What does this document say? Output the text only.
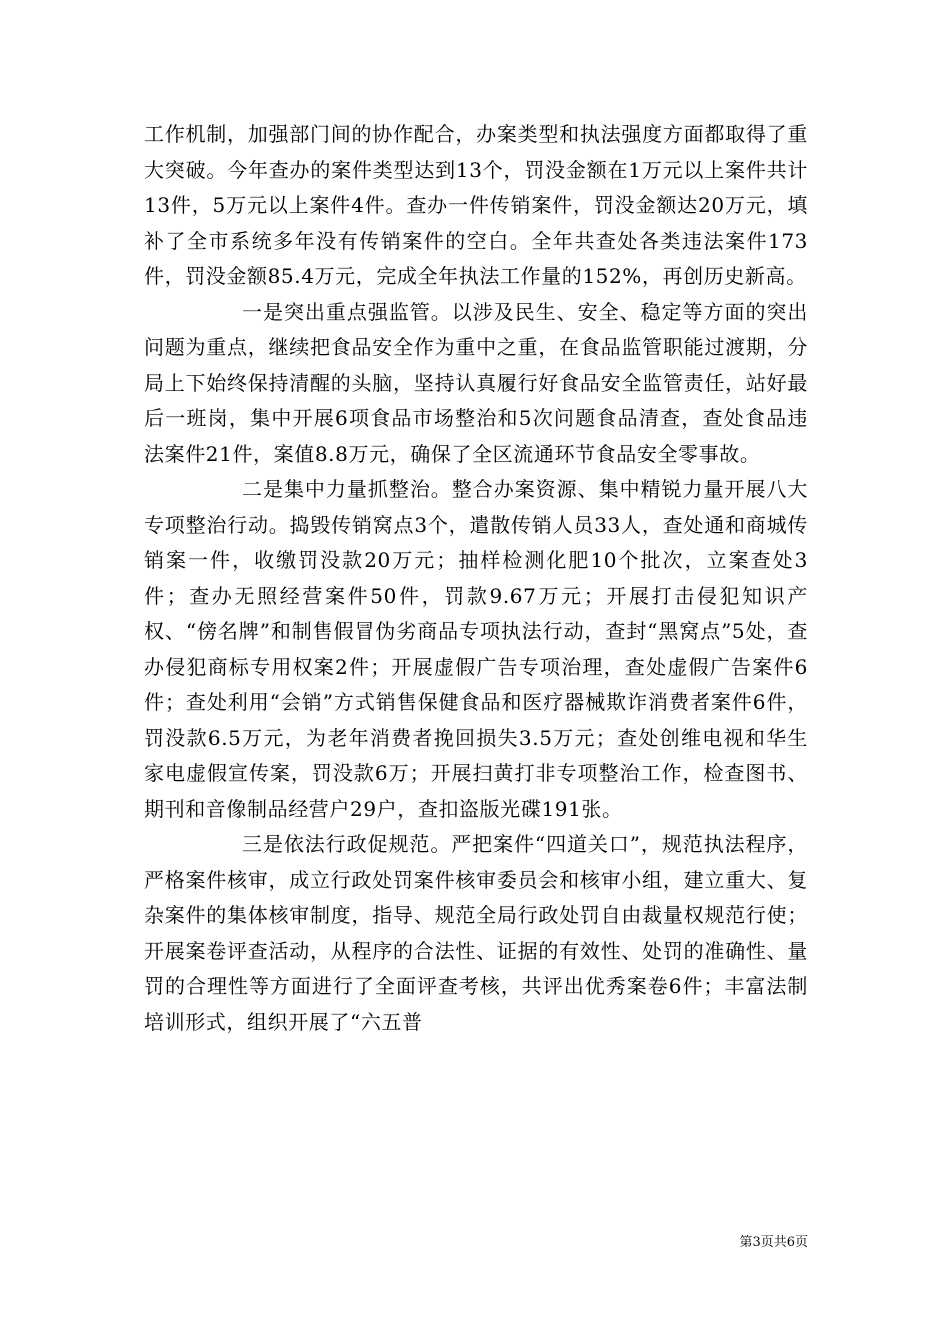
工作机制，加强部门间的协作配合，办案类型和执法强度方面都取得了重大突破。今年查办的案件类型达到13个，罚没金额在1万元以上案件共计13件，5万元以上案件4件。查办一件传销案件，罚没金额达20万元，填补了全市系统多年没有传销案件的空白。全年共查处各类违法案件173件，罚没金额85.4万元，完成全年执法工作量的152%，再创历史新高。

一是突出重点强监管。以涉及民生、安全、稳定等方面的突出问题为重点，继续把食品安全作为重中之重，在食品监管职能过渡期，分局上下始终保持清醒的头脑，坚持认真履行好食品安全监管责任，站好最后一班岗，集中开展6项食品市场整治和5次问题食品清查，查处食品违法案件21件，案值8.8万元，确保了全区流通环节食品安全零事故。

二是集中力量抓整治。整合办案资源、集中精锐力量开展八大专项整治行动。捣毁传销窝点3个，遣散传销人员33人，查处通和商城传销案一件，收缴罚没款20万元；抽样检测化肥10个批次，立案查处3件；查办无照经营案件50件，罚款9.67万元；开展打击侵犯知识产权、“傍名牌”和制售假冒伪劣商品专项执法行动，查封“黑窝点”5处，查办侵犯商标专用权案2件；开展虚假广告专项治理，查处虚假广告案件6件；查处利用“会销”方式销售保健食品和医疗器械欺诈消费者案件6件，罚没款6.5万元，为老年消费者挽回损失3.5万元；查处创维电视和华生家电虚假宣传案，罚没款6万；开展扫黄打非专项整治工作，检查图书、期刊和音像制品经营户29户，查扣盗版光碟191张。

三是依法行政促规范。严把案件“四道关口”，规范执法程序，严格案件核审，成立行政处罚案件核审委员会和核审小组，建立重大、复杂案件的集体核审制度，指导、规范全局行政处罚自由裁量权规范行使；开展案卷评查活动，从程序的合法性、证据的有效性、处罚的准确性、量罚的合理性等方面进行了全面评查考核，共评出优秀案卷6件；丰富法制培训形式，组织开展了“六五普

第3页共6页
